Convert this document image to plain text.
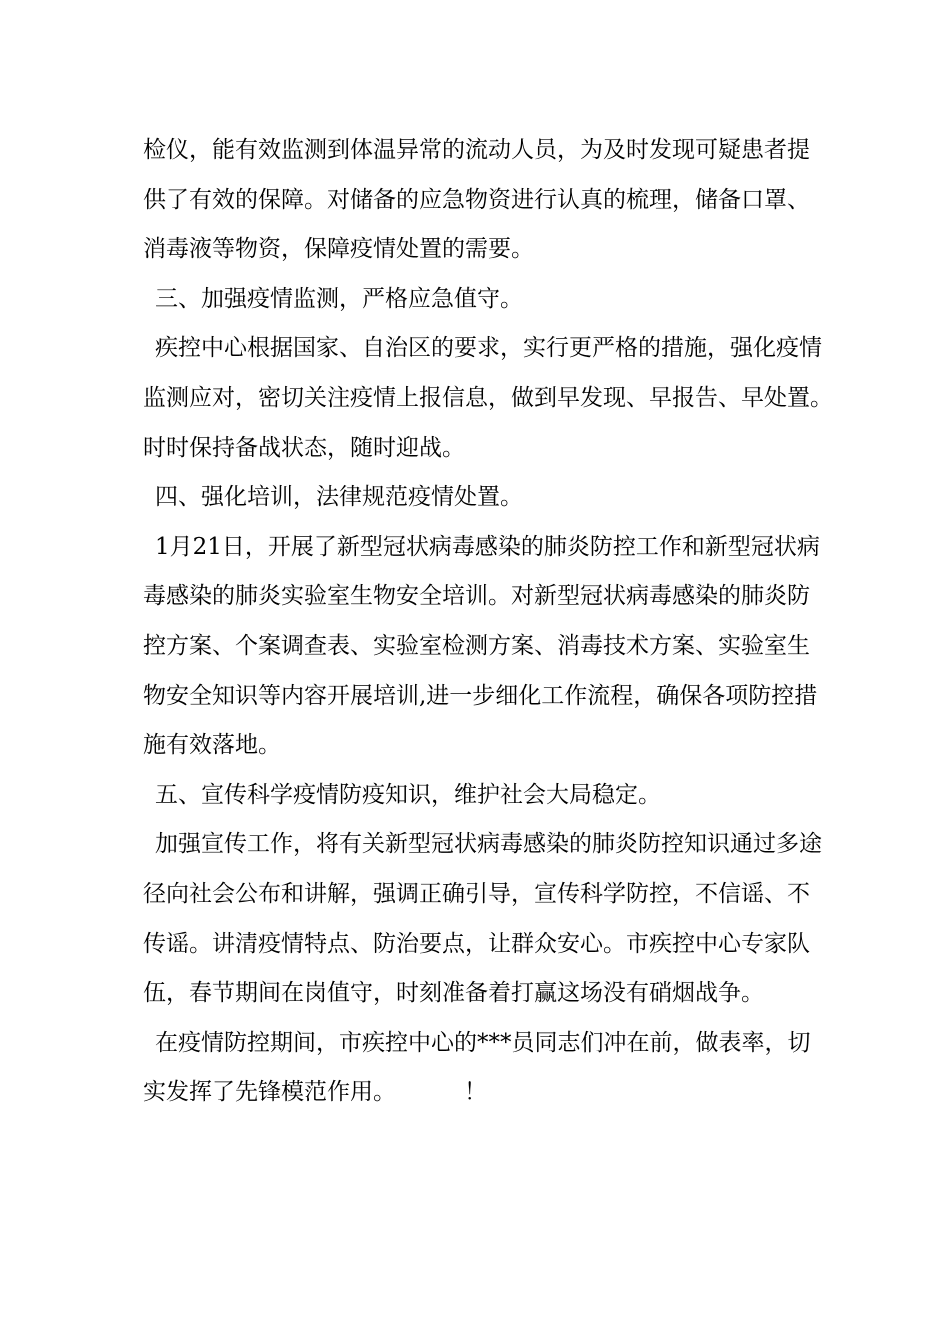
检仪，能有效监测到体温异常的流动人员，为及时发现可疑患者提
供了有效的保障。对储备的应急物资进行认真的梳理，储备口罩、
消毒液等物资，保障疫情处置的需要。
三、加强疫情监测，严格应急值守。
疾控中心根据国家、自治区的要求，实行更严格的措施，强化疫情
监测应对，密切关注疫情上报信息，做到早发现、早报告、早处置。
时时保持备战状态，随时迎战。
四、强化培训，法律规范疫情处置。
1月21日，开展了新型冠状病毒感染的肺炎防控工作和新型冠状病
毒感染的肺炎实验室生物安全培训。对新型冠状病毒感染的肺炎防
控方案、个案调查表、实验室检测方案、消毒技术方案、实验室生
物安全知识等内容开展培训,进一步细化工作流程，确保各项防控措
施有效落地。
五、宣传科学疫情防疫知识，维护社会大局稳定。
加强宣传工作，将有关新型冠状病毒感染的肺炎防控知识通过多途
径向社会公布和讲解，强调正确引导，宣传科学防控，不信谣、不
传谣。讲清疫情特点、防治要点，让群众安心。市疾控中心专家队
伍，春节期间在岗值守，时刻准备着打赢这场没有硝烟战争。
在疫情防控期间，市疾控中心的***员同志们冲在前，做表率，切
实发挥了先锋模范作用。	！
